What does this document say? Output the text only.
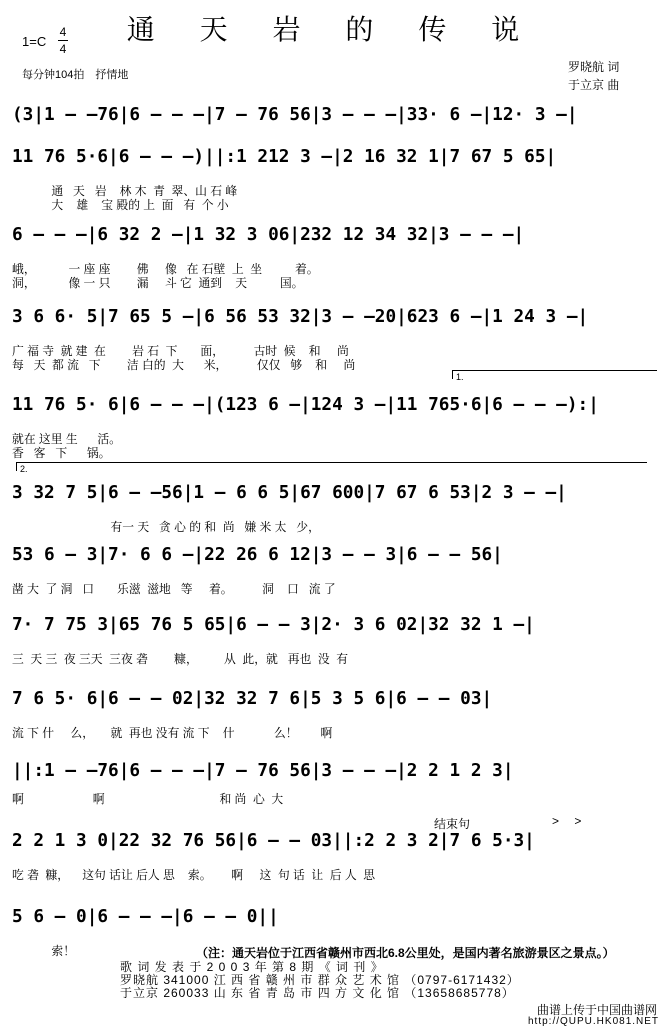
通 天 岩 的 传 说
1=C
4
4
每分钟104拍　抒情地
罗晓航 词
于立京 曲
(3|1 — —76|6 — — —|7 — 76 56|3 — — —|33· 6 —|12· 3 —|
11 76 5·6|6 — — —)||:1 212 3 —|2 16 32 1|7 67 5 65|
通   天   岩    林 木  青  翠、山 石 峰
大    雄    宝 殿的 上  面   有  个 小
6 — — —|6 32 2 —|1 32 3 06|232 12 34 32|3 — — —|
峨，          一 座 座        佛     像   在 石壁  上  坐          着。
洞，          像 一 只        漏     斗 它  通到    天          国。
3 6 6· 5|7 65 5 —|6 56 53 32|3 — —20|623 6 —|1 24 3 —|
广 福 寺  就 建  在        岩 石  下       面，         古时  候    和     尚
每   天  都 流   下        洁 白的  大      米，         仅仅   够    和     尚
11 76 5· 6|6 — — —|(123 6 —|124 3 —|11 765·6|6 — — —):|
就在 这里 生      活。
香   客   下      锅。
3 32 7 5|6 — —56|1 — 6 6 5|67 600|7 67 6 53|2 3 — —|
有一 天   贪 心 的 和  尚   嫌 米 太   少，
53 6 — 3|7· 6 6 —|22 26 6 12|3 — — 3|6 — — 56|
凿 大  了 洞   口       乐滋  滋地   等     着。         洞    口   流 了
7· 7 75 3|65 76 5 65|6 — — 3|2· 3 6 02|32 32 1 —|
三  天 三  夜 三天  三夜 砻        糠，        从  此，就   再也  没  有
7 6 5· 6|6 — — 02|32 32 7 6|5 3 5 6|6 — — 03|
流 下 什     么，     就  再也 没有 流 下    什            么！       啊
||:1 — —76|6 — — —|7 — 76 56|3 — — —|2 2 1 2 3|
啊                     啊                                   和 尚  心  大
2 2 1 3 0|22 32 76 56|6 — — 03||:2 2 3 2|7 6 5·3|
吃 砻  糠，    这句 话让 后人 思    索。      啊     这  句 话  让  后 人  思
5 6 — 0|6 — — —|6 — — 0||
索！
1.
2.
结束句	> >
（注：通天岩位于江西省赣州市西北6.8公里处，是国内著名旅游景区之景点。）
歌 词 发 表 于 2 0 0 3 年 第 8 期 《 词 刊 》
罗晓航 341000 江 西 省 赣 州 市 群 众 艺 术 馆 （0797-6171432）
于立京 260033 山 东 省 青 岛 市 四 方 文 化 馆 （13658685778）
曲谱上传于中国曲谱网
http://QUPU.HK081.NET
